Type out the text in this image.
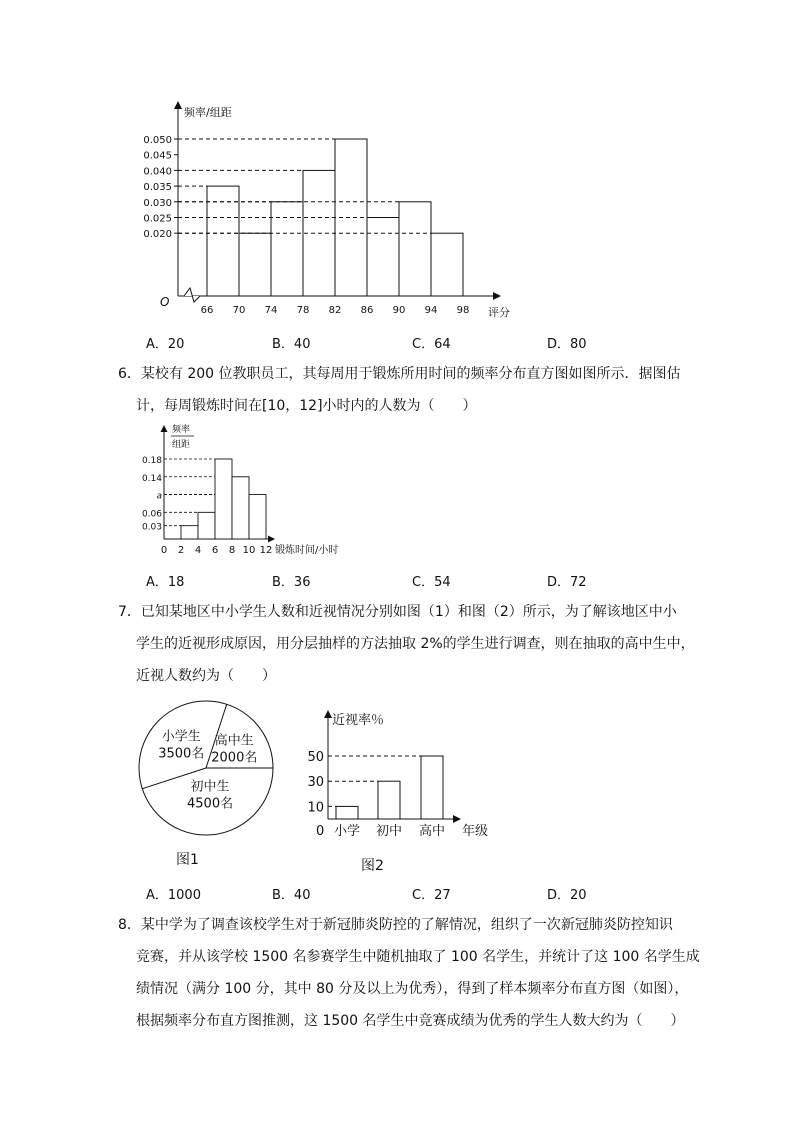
频率/组距
评分
O
0.050
0.045
0.040
0.035
0.030
0.025
0.020
66 70 74 78 82 86 90 94 98
A．20	B．40	C．64	D．80
6．某校有 200 位教职员工，其每周用于锻炼所用时间的频率分布直方图如图所示．据图估
计，每周锻炼时间在[10，12]小时内的人数为（　　）
频率
组距
锻炼时间/小时
0.18
0.14
a
0.06
0.03
0 2 4 6 8 10 12
A．18	B．36	C．54	D．72
7．已知某地区中小学生人数和近视情况分别如图（1）和图（2）所示，为了解该地区中小
学生的近视形成原因，用分层抽样的方法抽取 2%的学生进行调查，则在抽取的高中生中，
近视人数约为（　　）
小学生
3500名
高中生
2000名
初中生
4500名
图1
近视率％
年级
0
50
30
10
小学 初中 高中
图2
A．1000	B．40	C．27	D．20
8．某中学为了调查该校学生对于新冠肺炎防控的了解情况，组织了一次新冠肺炎防控知识
竞赛，并从该学校 1500 名参赛学生中随机抽取了 100 名学生，并统计了这 100 名学生成
绩情况（满分 100 分，其中 80 分及以上为优秀），得到了样本频率分布直方图（如图），
根据频率分布直方图推测，这 1500 名学生中竞赛成绩为优秀的学生人数大约为（　　）
